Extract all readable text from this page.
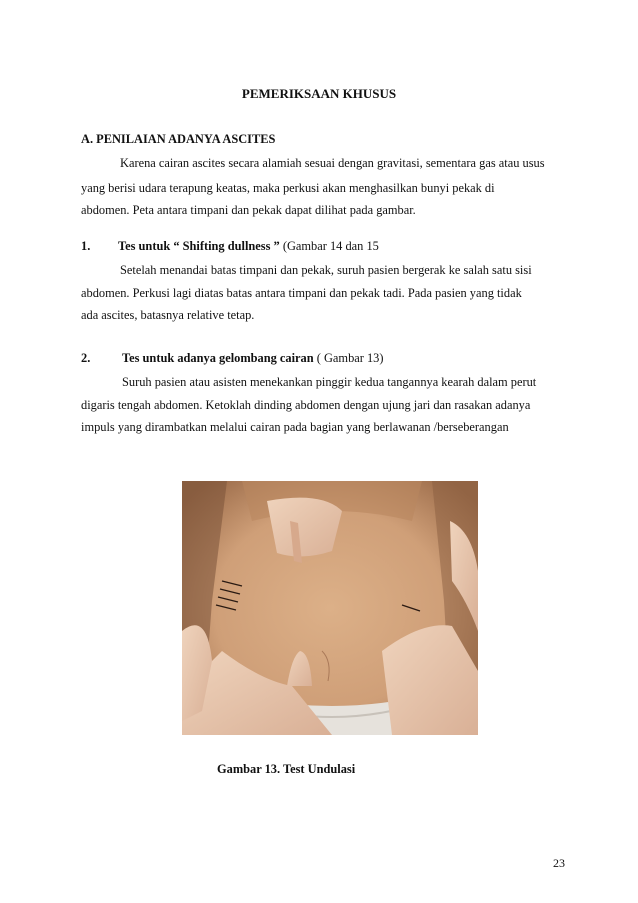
PEMERIKSAAN KHUSUS
A. PENILAIAN ADANYA ASCITES
Karena cairan ascites secara alamiah sesuai dengan gravitasi, sementara gas atau usus
yang berisi udara terapung keatas, maka perkusi akan menghasilkan bunyi pekak di
abdomen. Peta antara timpani dan pekak dapat dilihat pada gambar.
1. Tes untuk “ Shifting dullness ” (Gambar 14 dan 15
Setelah menandai batas timpani dan pekak, suruh pasien bergerak ke salah satu sisi
abdomen. Perkusi lagi diatas batas antara timpani dan pekak tadi. Pada pasien yang tidak
ada ascites, batasnya relative tetap.
2.	Tes untuk adanya gelombang cairan ( Gambar 13)
Suruh pasien atau asisten menekankan pinggir kedua tangannya kearah dalam perut
digaris tengah abdomen. Ketoklah dinding abdomen dengan ujung jari dan rasakan adanya
impuls yang dirambatkan melalui cairan pada bagian yang berlawanan /berseberangan
Gambar 13. Test Undulasi
23
